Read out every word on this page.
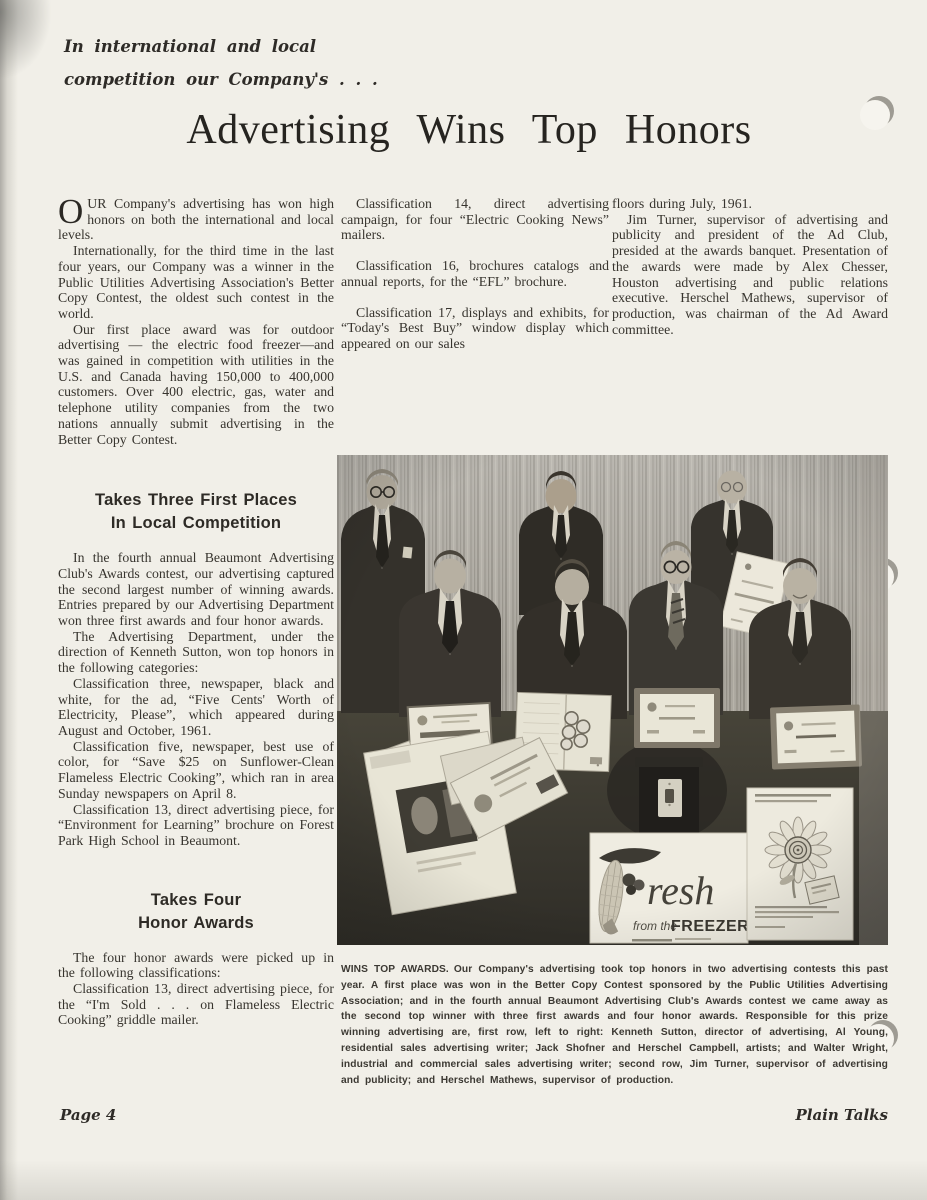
In international and local
competition our Company's . . .
Advertising Wins Top Honors

OUR Company's advertising has won high honors on both the international and local levels.

Internationally, for the third time in the last four years, our Company was a winner in the Public Utilities Advertising Association's Better Copy Contest, the oldest such contest in the world.

Our first place award was for outdoor advertising — the electric food freezer—and was gained in competition with utilities in the U.S. and Canada having 150,000 to 400,000 customers. Over 400 electric, gas, water and telephone utility companies from the two nations annually submit advertising in the Better Copy Contest.

Takes Three First Places
In Local Competition

In the fourth annual Beaumont Advertising Club's Awards contest, our advertising captured the second largest number of winning awards. Entries prepared by our Advertising Department won three first awards and four honor awards.

The Advertising Department, under the direction of Kenneth Sutton, won top honors in the following categories:

Classification three, newspaper, black and white, for the ad, “Five Cents' Worth of Electricity, Please”, which appeared during August and October, 1961.

Classification five, newspaper, best use of color, for “Save $25 on Sunflower-Clean Flameless Electric Cooking”, which ran in area Sunday newspapers on April 8.

Classification 13, direct advertising piece, for “Environment for Learning” brochure on Forest Park High School in Beaumont.

Takes Four
Honor Awards

The four honor awards were picked up in the following classifications:

Classification 13, direct advertising piece, for the “I'm Sold . . . on Flameless Electric Cooking” griddle mailer.

Classification 14, direct advertising campaign, for four “Electric Cooking News” mailers.

Classification 16, brochures catalogs and annual reports, for the “EFL” brochure.

Classification 17, displays and exhibits, for “Today's Best Buy” window display which appeared on our sales

floors during July, 1961.

Jim Turner, supervisor of advertising and publicity and president of the Ad Club, presided at the awards banquet. Presentation of the awards were made by Alex Chesser, Houston advertising and public relations executive. Herschel Mathews, supervisor of production, was chairman of the Ad Award committee.

WINS TOP AWARDS. Our Company's advertising took top honors in two advertising contests this past year. A first place was won in the Better Copy Contest sponsored by the Public Utilities Advertising Association; and in the fourth annual Beaumont Advertising Club's Awards contest we came away as the second top winner with three first awards and four honor awards. Responsible for this prize winning advertising are, first row, left to right: Kenneth Sutton, director of advertising, Al Young, residential sales advertising writer; Jack Shofner and Herschel Campbell, artists; and Walter Wright, industrial and commercial sales advertising writer; second row, Jim Turner, supervisor of advertising and publicity; and Herschel Mathews, supervisor of production.
Page 4	Plain Talks
